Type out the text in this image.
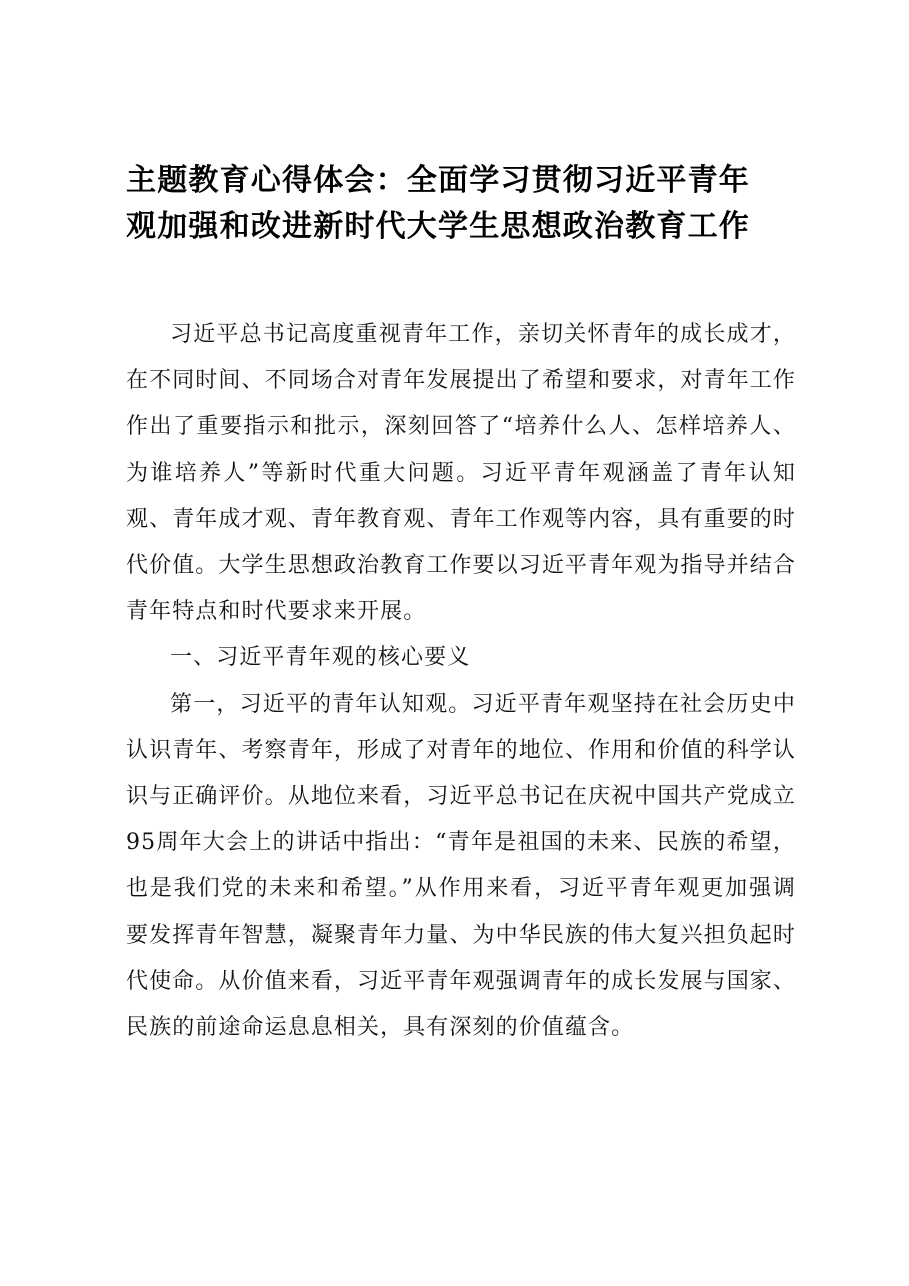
主题教育心得体会：全面学习贯彻习近平青年
观加强和改进新时代大学生思想政治教育工作

习近平总书记高度重视青年工作，亲切关怀青年的成长成才，在不同时间、不同场合对青年发展提出了希望和要求，对青年工作作出了重要指示和批示，深刻回答了“培养什么人、怎样培养人、为谁培养人”等新时代重大问题。习近平青年观涵盖了青年认知观、青年成才观、青年教育观、青年工作观等内容，具有重要的时代价值。大学生思想政治教育工作要以习近平青年观为指导并结合青年特点和时代要求来开展。

一、习近平青年观的核心要义

第一，习近平的青年认知观。习近平青年观坚持在社会历史中认识青年、考察青年，形成了对青年的地位、作用和价值的科学认识与正确评价。从地位来看，习近平总书记在庆祝中国共产党成立95周年大会上的讲话中指出：“青年是祖国的未来、民族的希望，也是我们党的未来和希望。”从作用来看，习近平青年观更加强调要发挥青年智慧，凝聚青年力量、为中华民族的伟大复兴担负起时代使命。从价值来看，习近平青年观强调青年的成长发展与国家、民族的前途命运息息相关，具有深刻的价值蕴含。
